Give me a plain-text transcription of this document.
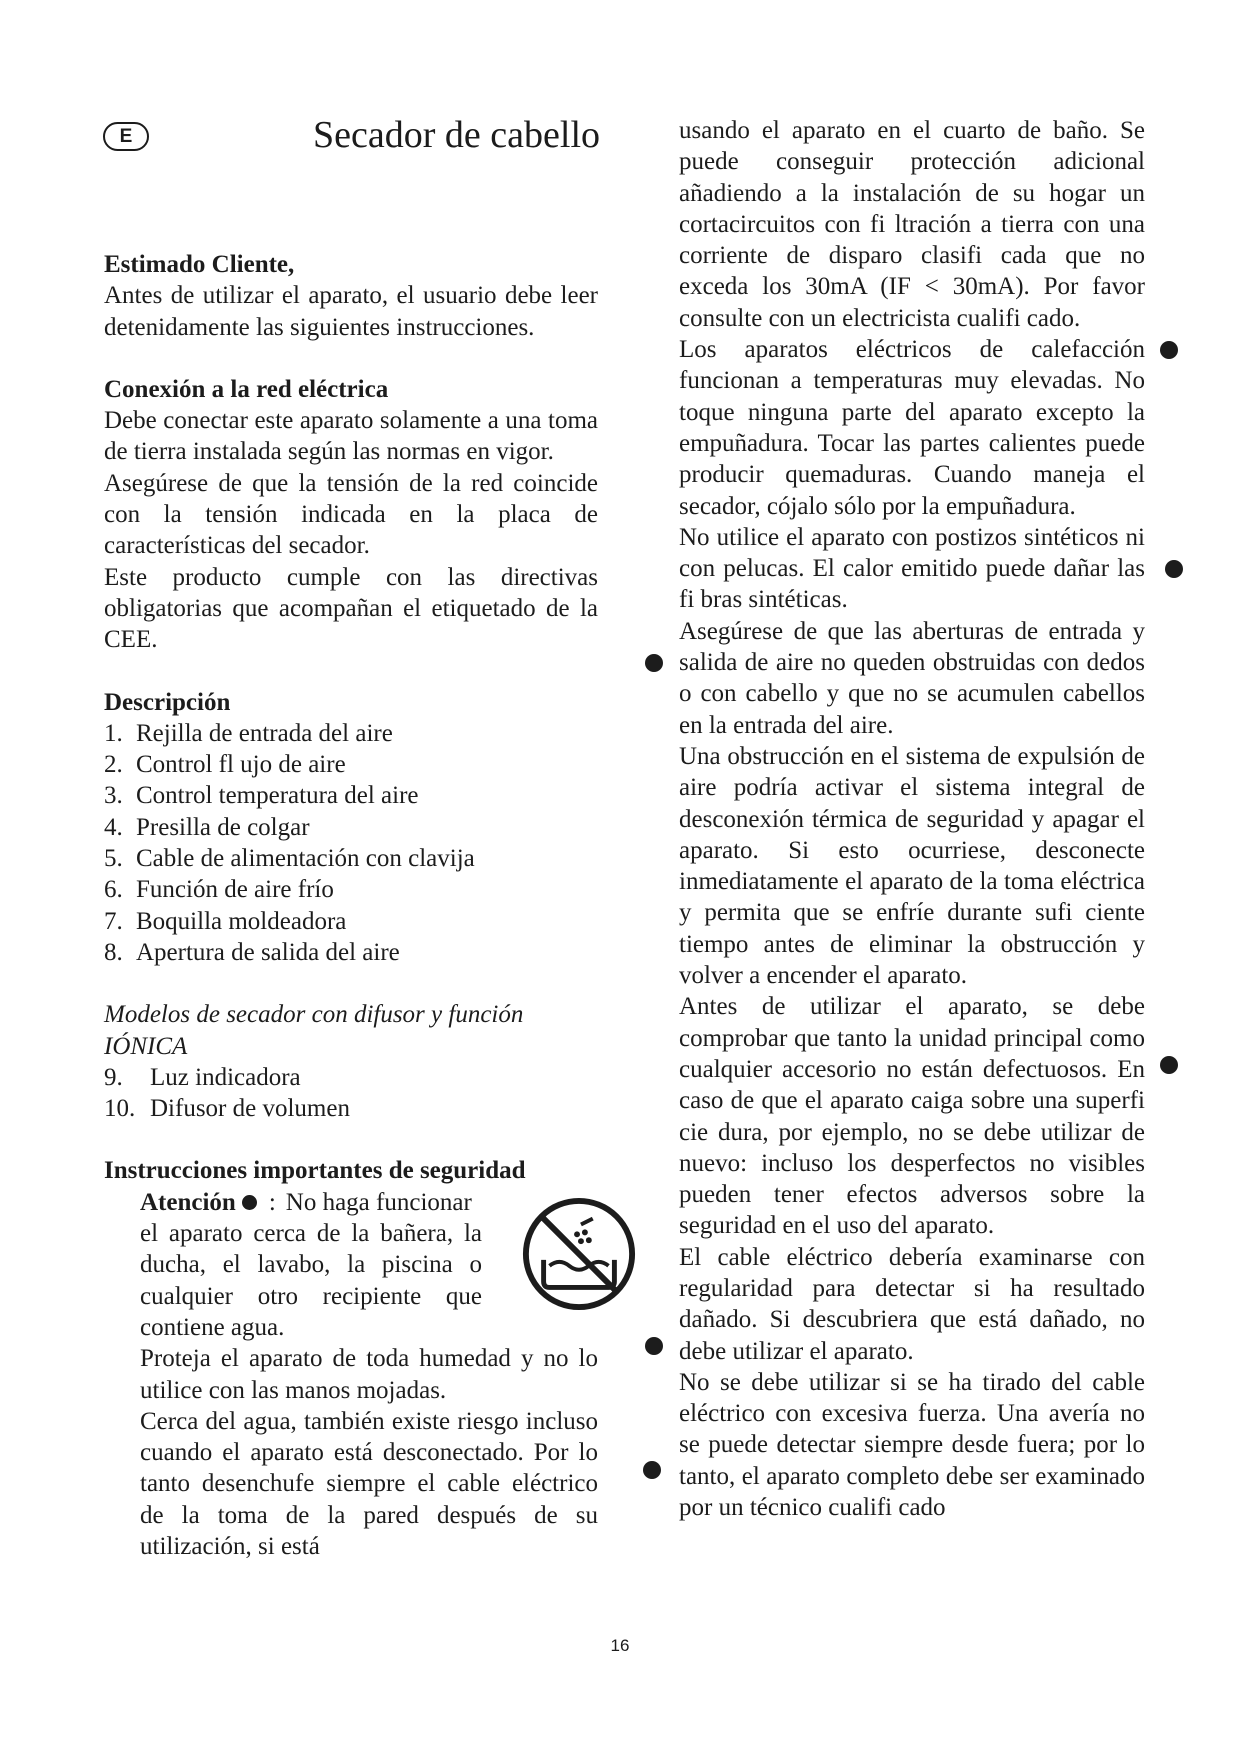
E	Secador de cabello

Estimado Cliente,

Antes de utilizar el aparato, el usuario debe leer detenidamente las siguientes instrucciones.

Conexión a la red eléctrica

Debe conectar este aparato solamente a una toma de tierra instalada según las normas en vigor.

Asegúrese de que la tensión de la red coincide con la tensión indicada en la placa de características del secador.

Este producto cumple con las directivas obligatorias que acompañan el etiquetado de la CEE.

Descripción

1. Rejilla de entrada del aire
2. Control fl ujo de aire
3. Control temperatura del aire
4. Presilla de colgar
5. Cable de alimentación con clavija
6. Función de aire frío
7. Boquilla moldeadora
8. Apertura de salida del aire

Modelos de secador con difusor y función IÓNICA

9.	Luz indicadora
10. Difusor de volumen

Instrucciones importantes de seguridad

Atención : No haga funcionar

el aparato cerca de la bañera, la ducha, el lavabo, la piscina o cualquier otro recipiente que contiene agua.

Proteja el aparato de toda humedad y no lo utilice con las manos mojadas.

Cerca del agua, también existe riesgo incluso cuando el aparato está desconectado. Por lo tanto desenchufe siempre el cable eléctrico de la toma de la pared después de su utilización, si está

usando el aparato en el cuarto de baño. Se puede conseguir protección adicional añadiendo a la instalación de su hogar un cortacircuitos con fi ltración a tierra con una corriente de disparo clasifi cada que no exceda los 30mA (IF < 30mA). Por favor consulte con un electricista cualifi cado.

Los aparatos eléctricos de calefacción funcionan a temperaturas muy elevadas. No toque ninguna parte del aparato excepto la empuñadura. Tocar las partes calientes puede producir quemaduras. Cuando maneja el secador, cójalo sólo por la empuñadura.

No utilice el aparato con postizos sintéticos ni con pelucas. El calor emitido puede dañar las fi bras sintéticas.

Asegúrese de que las aberturas de entrada y salida de aire no queden obstruidas con dedos o con cabello y que no se acumulen cabellos en la entrada del aire.

Una obstrucción en el sistema de expulsión de aire podría activar el sistema integral de desconexión térmica de seguridad y apagar el aparato. Si esto ocurriese, desconecte inmediatamente el aparato de la toma eléctrica y permita que se enfríe durante sufi ciente tiempo antes de eliminar la obstrucción y volver a encender el aparato.

Antes de utilizar el aparato, se debe comprobar que tanto la unidad principal como cualquier accesorio no están defectuosos. En caso de que el aparato caiga sobre una superfi cie dura, por ejemplo, no se debe utilizar de nuevo: incluso los desperfectos no visibles pueden tener efectos adversos sobre la seguridad en el uso del aparato.

El cable eléctrico debería examinarse con regularidad para detectar si ha resultado dañado. Si descubriera que está dañado, no debe utilizar el aparato.

No se debe utilizar si se ha tirado del cable eléctrico con excesiva fuerza. Una avería no se puede detectar siempre desde fuera; por lo tanto, el aparato completo debe ser examinado por un técnico cualifi cado

16
